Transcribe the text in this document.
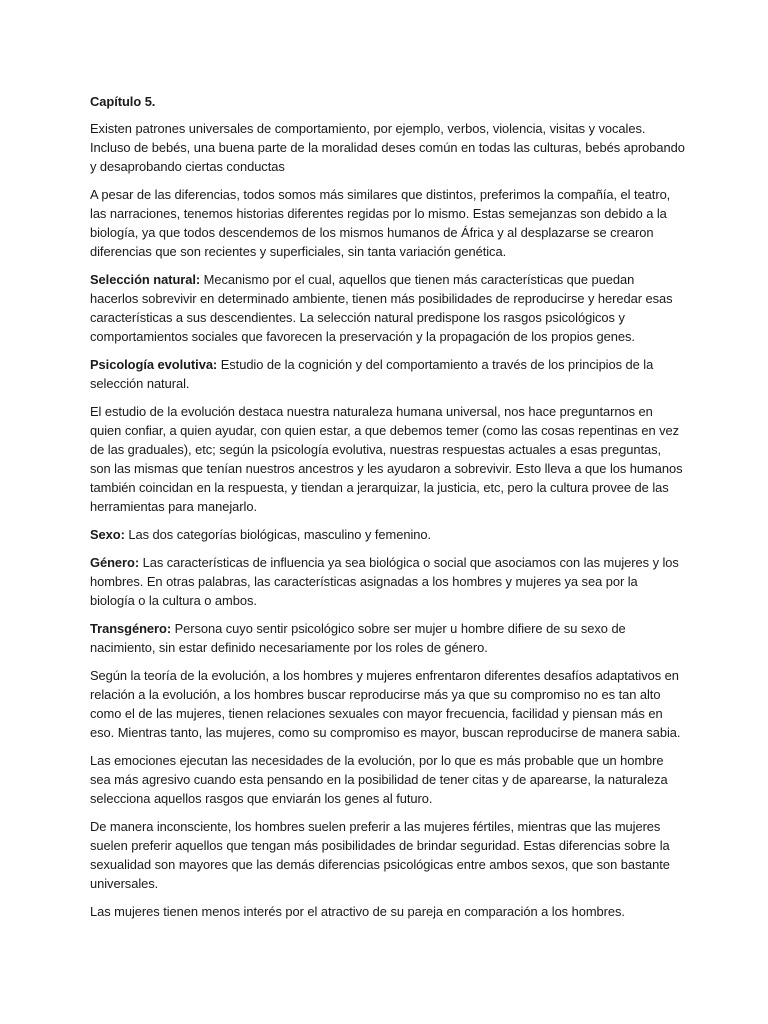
Capítulo 5.

Existen patrones universales de comportamiento, por ejemplo, verbos, violencia, visitas y vocales. Incluso de bebés, una buena parte de la moralidad deses común en todas las culturas, bebés aprobando y desaprobando ciertas conductas

A pesar de las diferencias, todos somos más similares que distintos, preferimos la compañía, el teatro, las narraciones, tenemos historias diferentes regidas por lo mismo. Estas semejanzas son debido a la biología, ya que todos descendemos de los mismos humanos de África y al desplazarse se crearon diferencias que son recientes y superficiales, sin tanta variación genética.

Selección natural: Mecanismo por el cual, aquellos que tienen más características que puedan hacerlos sobrevivir en determinado ambiente, tienen más posibilidades de reproducirse y heredar esas características a sus descendientes. La selección natural predispone los rasgos psicológicos y comportamientos sociales que favorecen la preservación y la propagación de los propios genes.

Psicología evolutiva: Estudio de la cognición y del comportamiento a través de los principios de la selección natural.

El estudio de la evolución destaca nuestra naturaleza humana universal, nos hace preguntarnos en quien confiar, a quien ayudar, con quien estar, a que debemos temer (como las cosas repentinas en vez de las graduales), etc; según la psicología evolutiva, nuestras respuestas actuales a esas preguntas, son las mismas que tenían nuestros ancestros y les ayudaron a sobrevivir. Esto lleva a que los humanos también coincidan en la respuesta, y tiendan a jerarquizar, la justicia, etc, pero la cultura provee de las herramientas para manejarlo.

Sexo: Las dos categorías biológicas, masculino y femenino.

Género: Las características de influencia ya sea biológica o social que asociamos con las mujeres y los hombres. En otras palabras, las características asignadas a los hombres y mujeres ya sea por la biología o la cultura o ambos.

Transgénero: Persona cuyo sentir psicológico sobre ser mujer u hombre difiere de su sexo de nacimiento, sin estar definido necesariamente por los roles de género.

Según la teoría de la evolución, a los hombres y mujeres enfrentaron diferentes desafíos adaptativos en relación a la evolución, a los hombres buscar reproducirse más ya que su compromiso no es tan alto como el de las mujeres, tienen relaciones sexuales con mayor frecuencia, facilidad y piensan más en eso. Mientras tanto, las mujeres, como su compromiso es mayor, buscan reproducirse de manera sabia.

Las emociones ejecutan las necesidades de la evolución, por lo que es más probable que un hombre sea más agresivo cuando esta pensando en la posibilidad de tener citas y de aparearse, la naturaleza selecciona aquellos rasgos que enviarán los genes al futuro.

De manera inconsciente, los hombres suelen preferir a las mujeres fértiles, mientras que las mujeres suelen preferir aquellos que tengan más posibilidades de brindar seguridad. Estas diferencias sobre la sexualidad son mayores que las demás diferencias psicológicas entre ambos sexos, que son bastante universales.

Las mujeres tienen menos interés por el atractivo de su pareja en comparación a los hombres.
